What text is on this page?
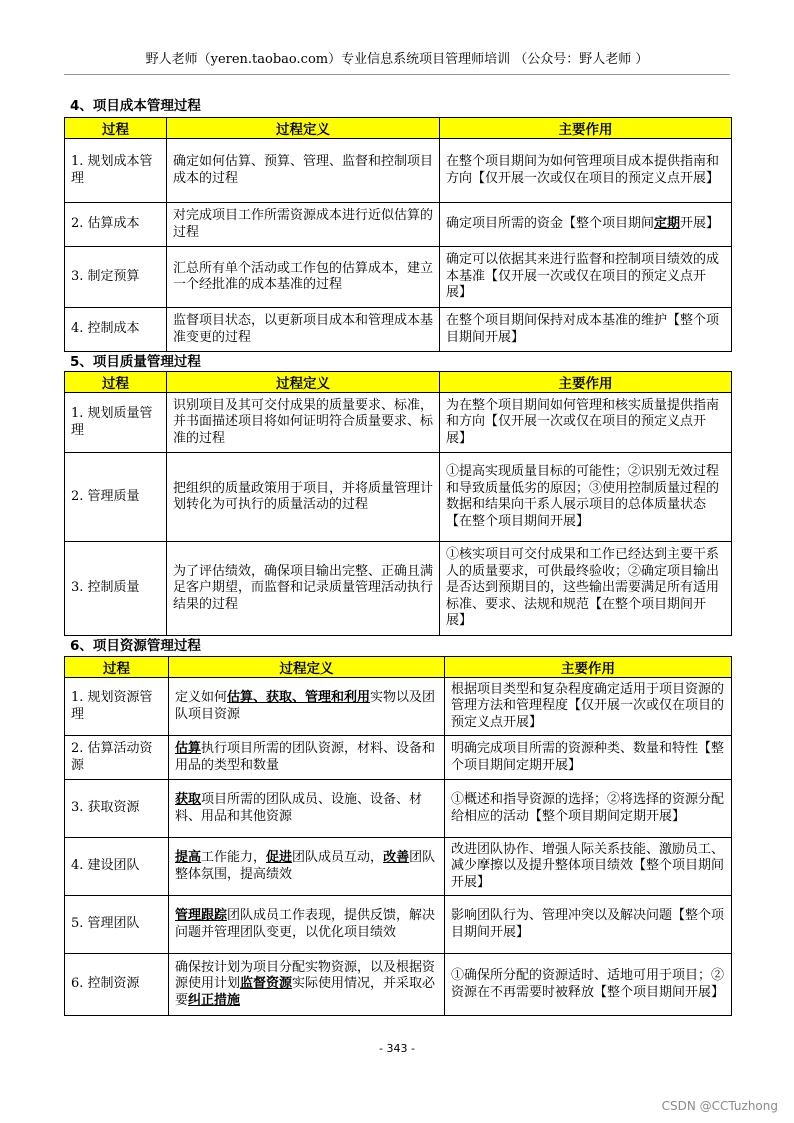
野人老师（yeren.taobao.com）专业信息系统项目管理师培训 （公众号：野人老师 ）
4、项目成本管理过程
过程	过程定义	主要作用
1. 规划成本管理	确定如何估算、预算、管理、监督和控制项目成本的过程	在整个项目期间为如何管理项目成本提供指南和方向【仅开展一次或仅在项目的预定义点开展】
2. 估算成本	对完成项目工作所需资源成本进行近似估算的过程	确定项目所需的资金【整个项目期间定期开展】
3. 制定预算	汇总所有单个活动或工作包的估算成本，建立一个经批准的成本基准的过程	确定可以依据其来进行监督和控制项目绩效的成本基准【仅开展一次或仅在项目的预定义点开展】
4. 控制成本	监督项目状态，以更新项目成本和管理成本基准变更的过程	在整个项目期间保持对成本基准的维护【整个项目期间开展】
5、项目质量管理过程
过程	过程定义	主要作用
1. 规划质量管理	识别项目及其可交付成果的质量要求、标准，并书面描述项目将如何证明符合质量要求、标准的过程	为在整个项目期间如何管理和核实质量提供指南和方向【仅开展一次或仅在项目的预定义点开展】
2. 管理质量	把组织的质量政策用于项目，并将质量管理计划转化为可执行的质量活动的过程	①提高实现质量目标的可能性；②识别无效过程和导致质量低劣的原因；③使用控制质量过程的数据和结果向干系人展示项目的总体质量状态【在整个项目期间开展】
3. 控制质量	为了评估绩效，确保项目输出完整、正确且满足客户期望，而监督和记录质量管理活动执行结果的过程	①核实项目可交付成果和工作已经达到主要干系人的质量要求，可供最终验收；②确定项目输出是否达到预期目的，这些输出需要满足所有适用标准、要求、法规和规范【在整个项目期间开展】
6、项目资源管理过程
过程	过程定义	主要作用
1. 规划资源管理	定义如何估算、获取、管理和利用实物以及团队项目资源	根据项目类型和复杂程度确定适用于项目资源的管理方法和管理程度【仅开展一次或仅在项目的预定义点开展】
2. 估算活动资源	估算执行项目所需的团队资源，材料、设备和用品的类型和数量	明确完成项目所需的资源种类、数量和特性【整个项目期间定期开展】
3. 获取资源	获取项目所需的团队成员、设施、设备、材料、用品和其他资源	①概述和指导资源的选择；②将选择的资源分配给相应的活动【整个项目期间定期开展】
4. 建设团队	提高工作能力，促进团队成员互动，改善团队整体氛围，提高绩效	改进团队协作、增强人际关系技能、激励员工、减少摩擦以及提升整体项目绩效【整个项目期间开展】
5. 管理团队	管理跟踪团队成员工作表现，提供反馈，解决问题并管理团队变更，以优化项目绩效	影响团队行为、管理冲突以及解决问题【整个项目期间开展】
6. 控制资源	确保按计划为项目分配实物资源，以及根据资源使用计划监督资源实际使用情况，并采取必要纠正措施	①确保所分配的资源适时、适地可用于项目；②资源在不再需要时被释放【整个项目期间开展】
- 343 -
CSDN @CCTuzhong
